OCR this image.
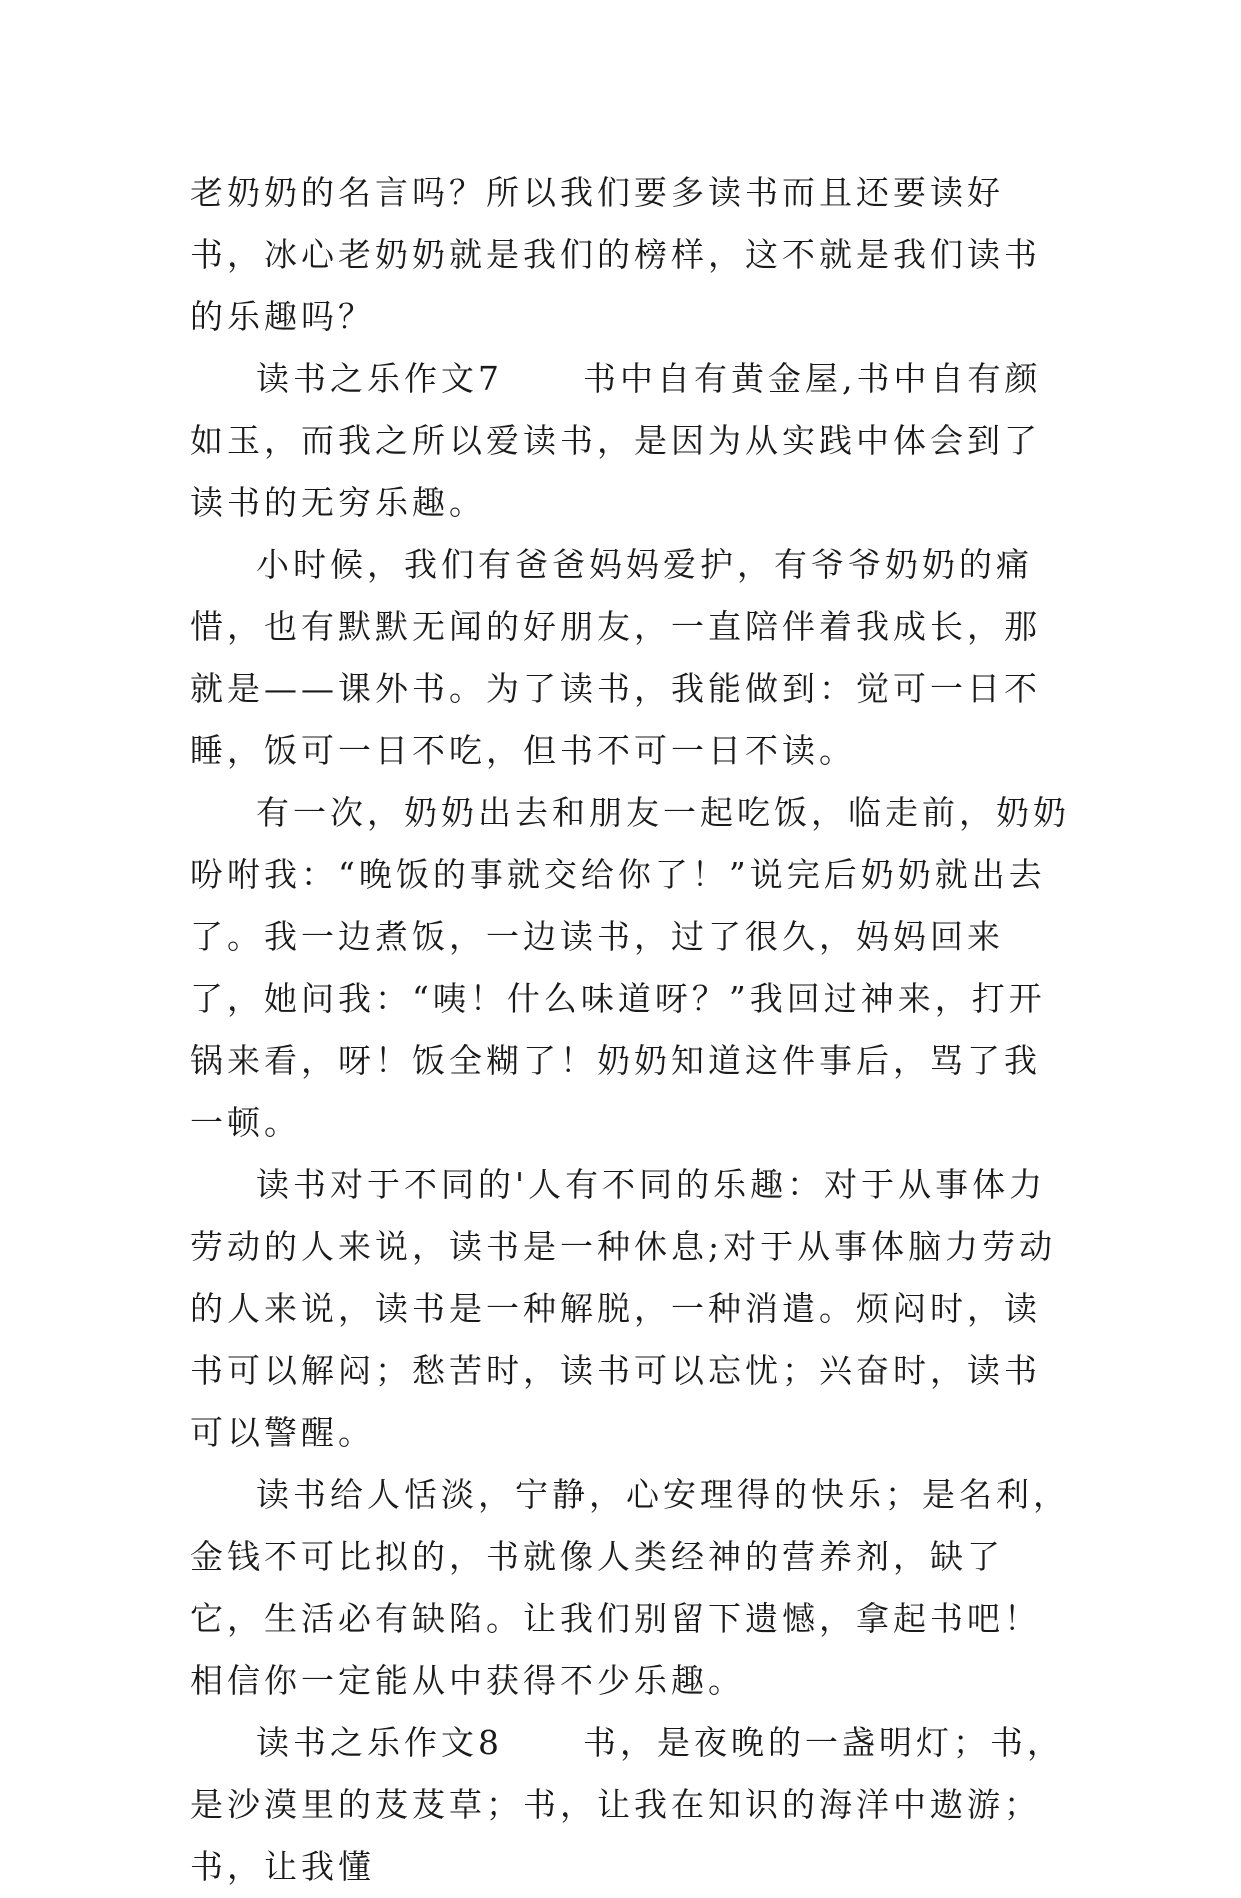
老奶奶的名言吗？所以我们要多读书而且还要读好书，冰心老奶奶就是我们的榜样，这不就是我们读书的乐趣吗？

读书之乐作文7 书中自有黄金屋,书中自有颜如玉，而我之所以爱读书，是因为从实践中体会到了读书的无穷乐趣。

小时候，我们有爸爸妈妈爱护，有爷爷奶奶的痛惜，也有默默无闻的好朋友，一直陪伴着我成长，那就是——课外书。为了读书，我能做到：觉可一日不睡，饭可一日不吃，但书不可一日不读。

有一次，奶奶出去和朋友一起吃饭，临走前，奶奶吩咐我：“晚饭的事就交给你了！”说完后奶奶就出去了。我一边煮饭，一边读书，过了很久，妈妈回来了，她问我：“咦！什么味道呀？”我回过神来，打开锅来看，呀！饭全糊了！奶奶知道这件事后，骂了我一顿。

读书对于不同的'人有不同的乐趣：对于从事体力劳动的人来说，读书是一种休息;对于从事体脑力劳动的人来说，读书是一种解脱，一种消遣。烦闷时，读书可以解闷；愁苦时，读书可以忘忧；兴奋时，读书可以警醒。

读书给人恬淡，宁静，心安理得的快乐；是名利，金钱不可比拟的，书就像人类经神的营养剂，缺了它，生活必有缺陷。让我们别留下遗憾，拿起书吧！相信你一定能从中获得不少乐趣。

读书之乐作文8 书，是夜晚的一盏明灯；书，是沙漠里的芨芨草；书，让我在知识的海洋中遨游；书，让我懂
